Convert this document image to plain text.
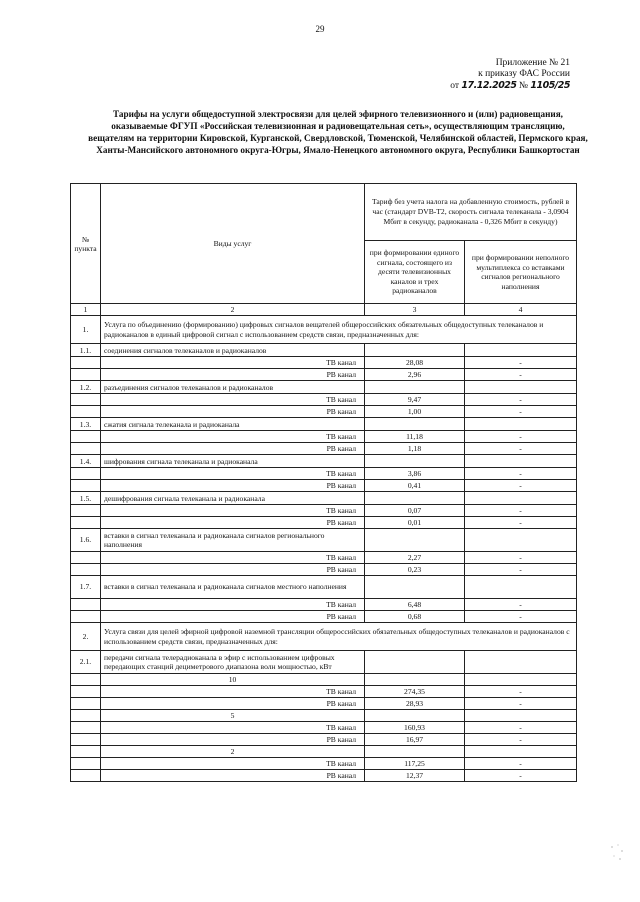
29
Приложение № 21
к приказу ФАС России
от 17.12.2025 № 1105/25
Тарифы на услуги общедоступной электросвязи для целей эфирного телевизионного и (или) радиовещания, оказываемые ФГУП «Российская телевизионная и радиовещательная сеть», осуществляющим трансляцию, вещателям на территории Кировской, Курганской, Свердловской, Тюменской, Челябинской областей, Пермского края, Ханты-Мансийского автономного округа-Югры, Ямало-Ненецкого автономного округа, Республики Башкортостан
№ пункта	Виды услуг	Тариф без учета налога на добавленную стоимость, рублей в час (стандарт DVB-T2, скорость сигнала телеканала - 3,0904 Мбит в секунду, радиоканала - 0,326 Мбит в секунду)	
		при формировании единого сигнала, состоящего из десяти телевизионных каналов и трех радиоканалов	при формировании неполного мультиплекса со вставками сигналов регионального наполнения
1	2	3	4
1.	Услуга по объединению (формированию) цифровых сигналов вещателей общероссийских обязательных общедоступных телеканалов и радиоканалов в единый цифровой сигнал с использованием средств связи, предназначенных для:		
1.1.	соединения сигналов телеканалов и радиоканалов		
	ТВ канал	28,08	-
	РВ канал	2,96	-
1.2.	разъединения сигналов телеканалов и радиоканалов		
	ТВ канал	9,47	-
	РВ канал	1,00	-
1.3.	сжатия сигнала телеканала и радиоканала		
	ТВ канал	11,18	-
	РВ канал	1,18	-
1.4.	шифрования сигнала телеканала и радиоканала		
	ТВ канал	3,86	-
	РВ канал	0,41	-
1.5.	дешифрования сигнала телеканала и радиоканала		
	ТВ канал	0,07	-
	РВ канал	0,01	-
1.6.	вставки в сигнал телеканала и радиоканала сигналов регионального наполнения		
	ТВ канал	2,27	-
	РВ канал	0,23	-
1.7.	вставки в сигнал телеканала и радиоканала сигналов местного наполнения		
	ТВ канал	6,48	-
	РВ канал	0,68	-
2.	Услуга связи для целей эфирной цифровой наземной трансляции общероссийских обязательных общедоступных телеканалов и радиоканалов с использованием средств связи, предназначенных для:		
2.1.	передачи сигнала телерадиоканала в эфир с использованием цифровых передающих станций дециметрового диапазона волн мощностью, кВт		
	10		
	ТВ канал	274,35	-
	РВ канал	28,93	-
	5		
	ТВ канал	160,93	-
	РВ канал	16,97	-
	2		
	ТВ канал	117,25	-
	РВ канал	12,37	-
